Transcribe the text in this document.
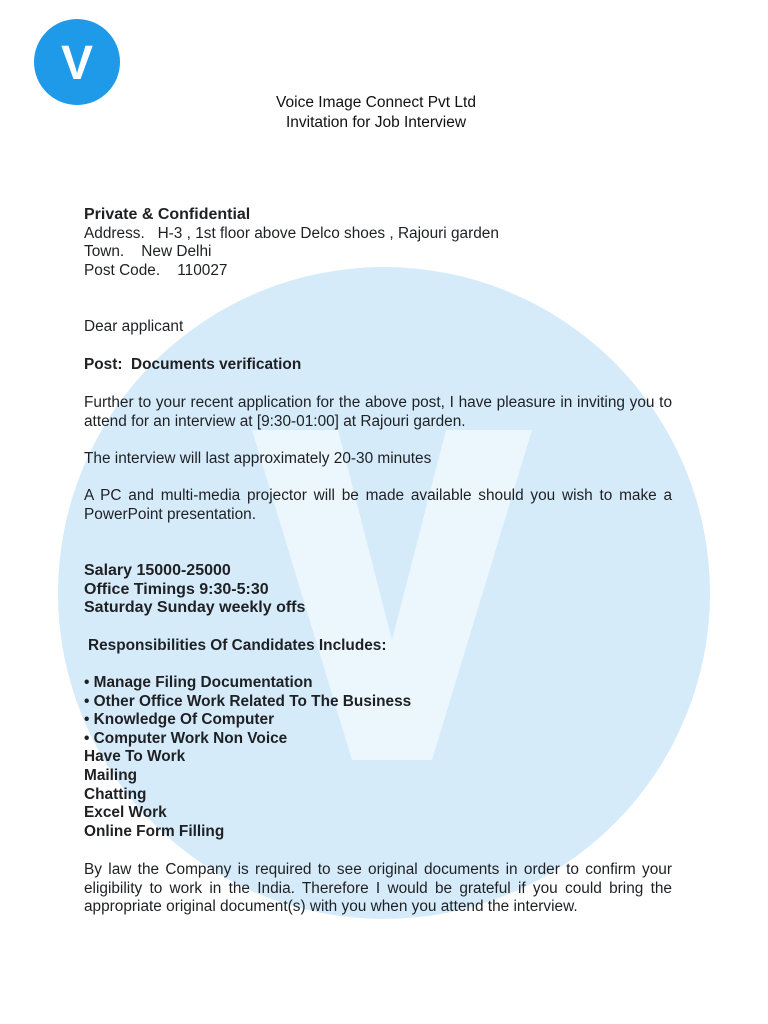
V
Voice Image Connect Pvt Ltd
Invitation for Job Interview

Private & Confidential

Address.   H-3 , 1st floor above Delco shoes , Rajouri garden

Town.    New Delhi

Post Code.    110027

Dear applicant
Post:  Documents verification
Further to your recent application for the above post, I have pleasure in inviting you to attend for an interview at [9:30-01:00] at Rajouri garden.
The interview will last approximately 20-30 minutes
A PC and multi-media projector will be made available should you wish to make a PowerPoint presentation.

Salary 15000-25000

Office Timings 9:30-5:30

Saturday Sunday weekly offs

Responsibilities Of Candidates Includes:

• Manage Filing Documentation

• Other Office Work Related To The Business

• Knowledge Of Computer

• Computer Work Non Voice

Have To Work

Mailing

Chatting

Excel Work

Online Form Filling

By law the Company is required to see original documents in order to confirm your eligibility to work in the India. Therefore I would be grateful if you could bring the appropriate original document(s) with you when you attend the interview.
